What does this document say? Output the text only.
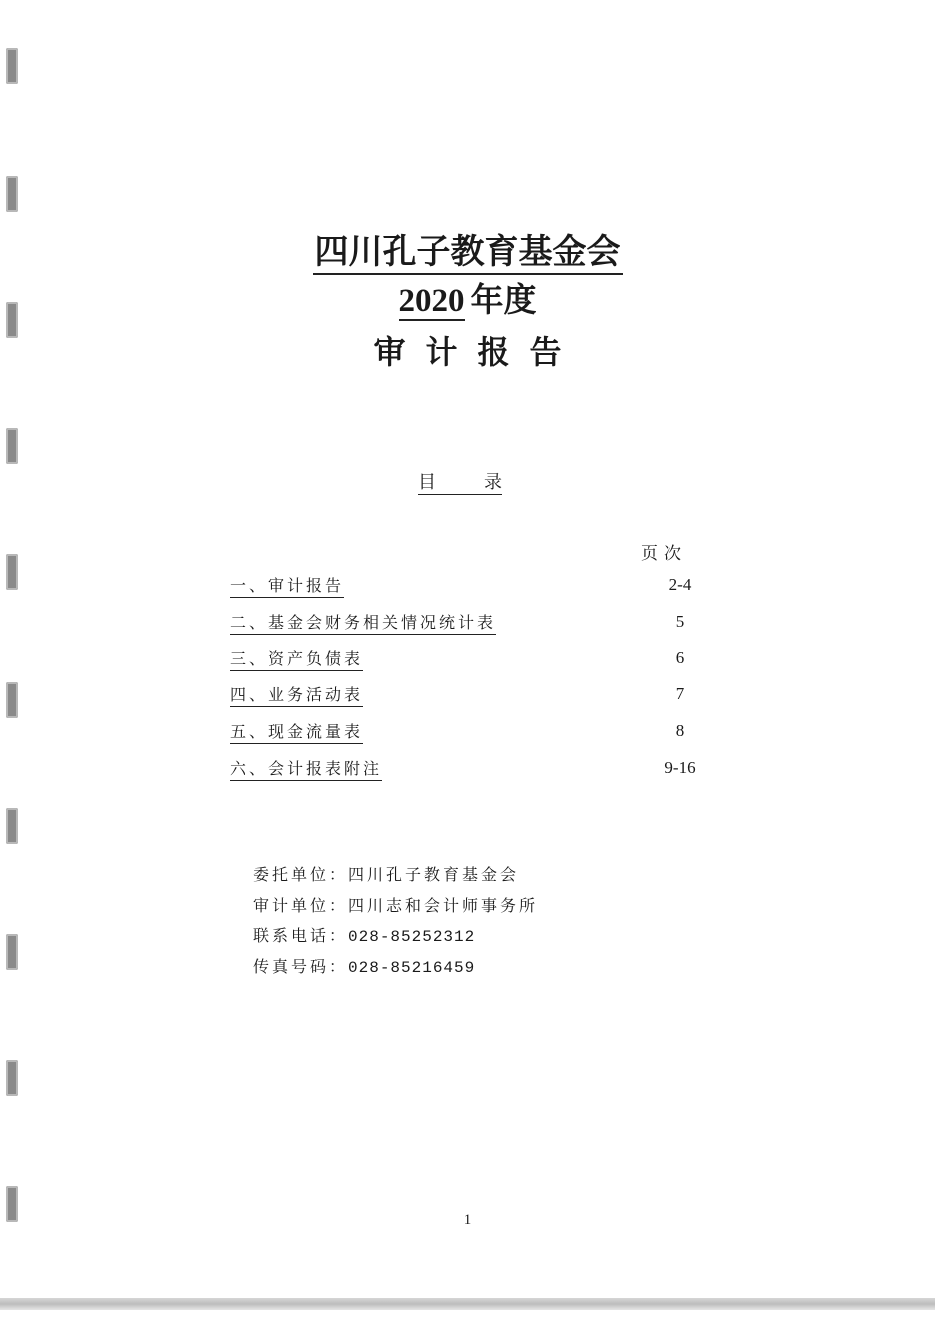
四川孔子教育基金会
2020 年度
审计报告
目	录
页次
一、审计报告	2-4
二、基金会财务相关情况统计表	5
三、资产负债表	6
四、业务活动表	7
五、现金流量表	8
六、会计报表附注	9-16
委托单位：四川孔子教育基金会
审计单位：四川志和会计师事务所
联系电话：028-85252312
传真号码：028-85216459
1
